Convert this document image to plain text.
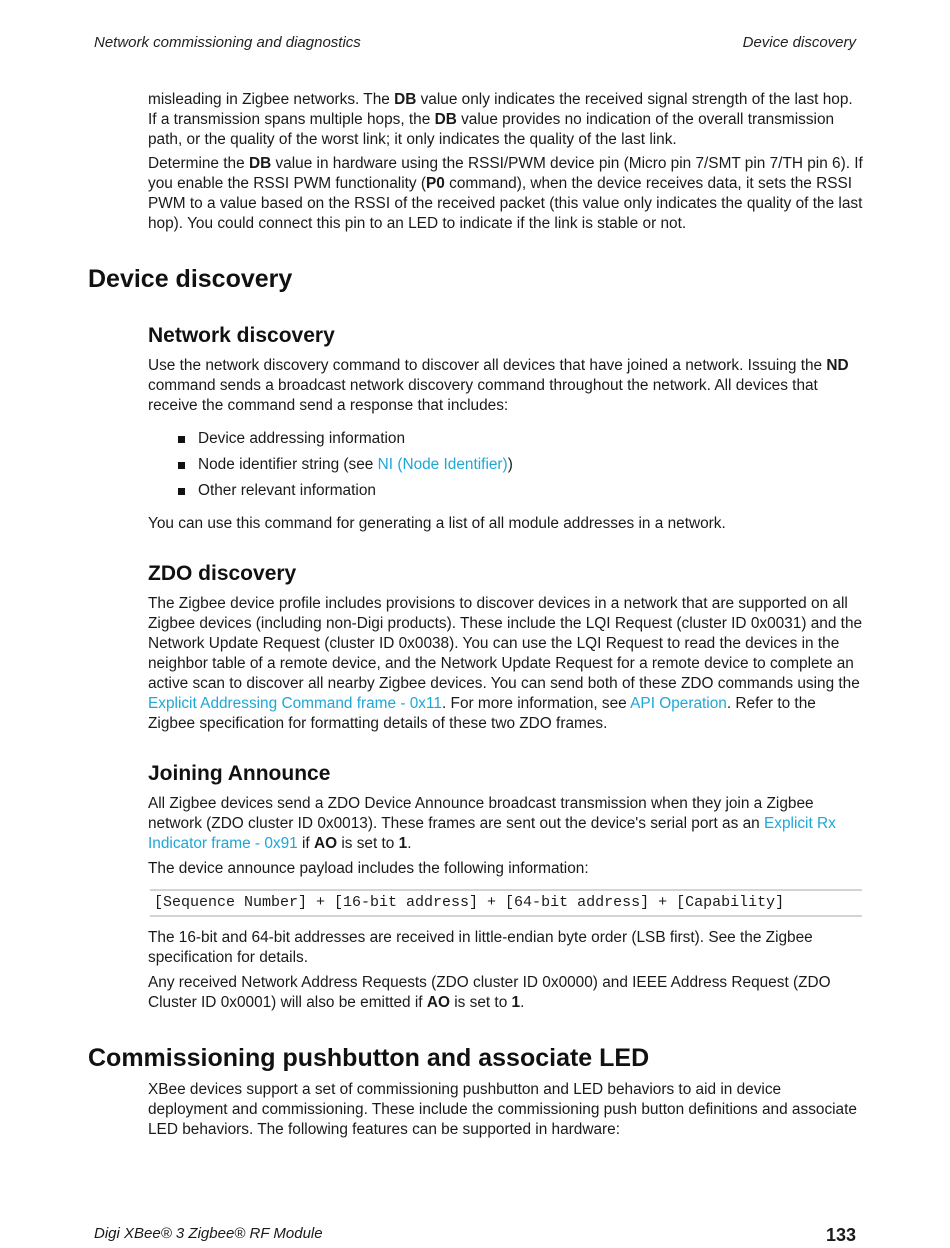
Network commissioning and diagnostics	Device discovery

misleading in Zigbee networks. The DB value only indicates the received signal strength of the last hop. If a transmission spans multiple hops, the DB value provides no indication of the overall transmission path, or the quality of the worst link; it only indicates the quality of the last link.

Determine the DB value in hardware using the RSSI/PWM device pin (Micro pin 7/SMT pin 7/TH pin 6). If you enable the RSSI PWM functionality (P0 command), when the device receives data, it sets the RSSI PWM to a value based on the RSSI of the received packet (this value only indicates the quality of the last hop). You could connect this pin to an LED to indicate if the link is stable or not.

Device discovery
Network discovery

Use the network discovery command to discover all devices that have joined a network. Issuing the ND command sends a broadcast network discovery command throughout the network. All devices that receive the command send a response that includes:

Device addressing information
Node identifier string (see NI (Node Identifier))
Other relevant information

You can use this command for generating a list of all module addresses in a network.

ZDO discovery

The Zigbee device profile includes provisions to discover devices in a network that are supported on all Zigbee devices (including non-Digi products). These include the LQI Request (cluster ID 0x0031) and the Network Update Request (cluster ID 0x0038). You can use the LQI Request to read the devices in the neighbor table of a remote device, and the Network Update Request for a remote device to complete an active scan to discover all nearby Zigbee devices. You can send both of these ZDO commands using the Explicit Addressing Command frame - 0x11. For more information, see API Operation. Refer to the Zigbee specification for formatting details of these two ZDO frames.

Joining Announce

All Zigbee devices send a ZDO Device Announce broadcast transmission when they join a Zigbee network (ZDO cluster ID 0x0013). These frames are sent out the device's serial port as an Explicit Rx Indicator frame - 0x91 if AO is set to 1.

The device announce payload includes the following information:

[Sequence Number] + [16-bit address] + [64-bit address] + [Capability]

The 16-bit and 64-bit addresses are received in little-endian byte order (LSB first). See the Zigbee specification for details.

Any received Network Address Requests (ZDO cluster ID 0x0000) and IEEE Address Request (ZDO Cluster ID 0x0001) will also be emitted if AO is set to 1.

Commissioning pushbutton and associate LED

XBee devices support a set of commissioning pushbutton and LED behaviors to aid in device deployment and commissioning. These include the commissioning push button definitions and associate LED behaviors. The following features can be supported in hardware:

Digi XBee® 3 Zigbee® RF Module	133
